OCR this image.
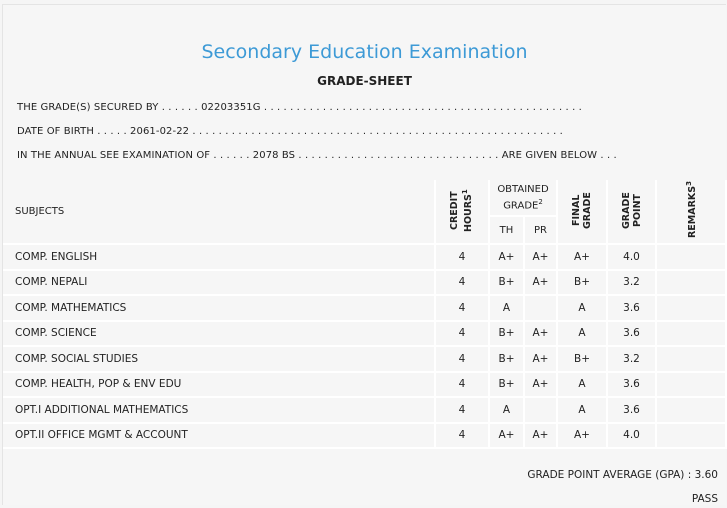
Secondary Education Examination
GRADE-SHEET
THE GRADE(S) SECURED BY . . . . . . 02203351G . . . . . . . . . . . . . . . . . . . . . . . . . . . . . . . . . . . . . . . . . . . . . . . . .
DATE OF BIRTH . . . . . 2061-02-22 . . . . . . . . . . . . . . . . . . . . . . . . . . . . . . . . . . . . . . . . . . . . . . . . . . . . . . . . .
IN THE ANNUAL SEE EXAMINATION OF . . . . . . 2078 BS . . . . . . . . . . . . . . . . . . . . . . . . . . . . . . . ARE GIVEN BELOW . . .
SUBJECTS	CREDIT HOURS$^1$	OBTAINED GRADE$^2$		FINAL GRADE	GRADE POINT	REMARKS$^3$
		TH	PR			
COMP. ENGLISH	4	A+	A+	A+	4.0	
COMP. NEPALI	4	B+	A+	B+	3.2	
COMP. MATHEMATICS	4	A		A	3.6	
COMP. SCIENCE	4	B+	A+	A	3.6	
COMP. SOCIAL STUDIES	4	B+	A+	B+	3.2	
COMP. HEALTH, POP & ENV EDU	4	B+	A+	A	3.6	
OPT.I ADDITIONAL MATHEMATICS	4	A		A	3.6	
OPT.II OFFICE MGMT & ACCOUNT	4	A+	A+	A+	4.0	
GRADE POINT AVERAGE (GPA) : 3.60
PASS
